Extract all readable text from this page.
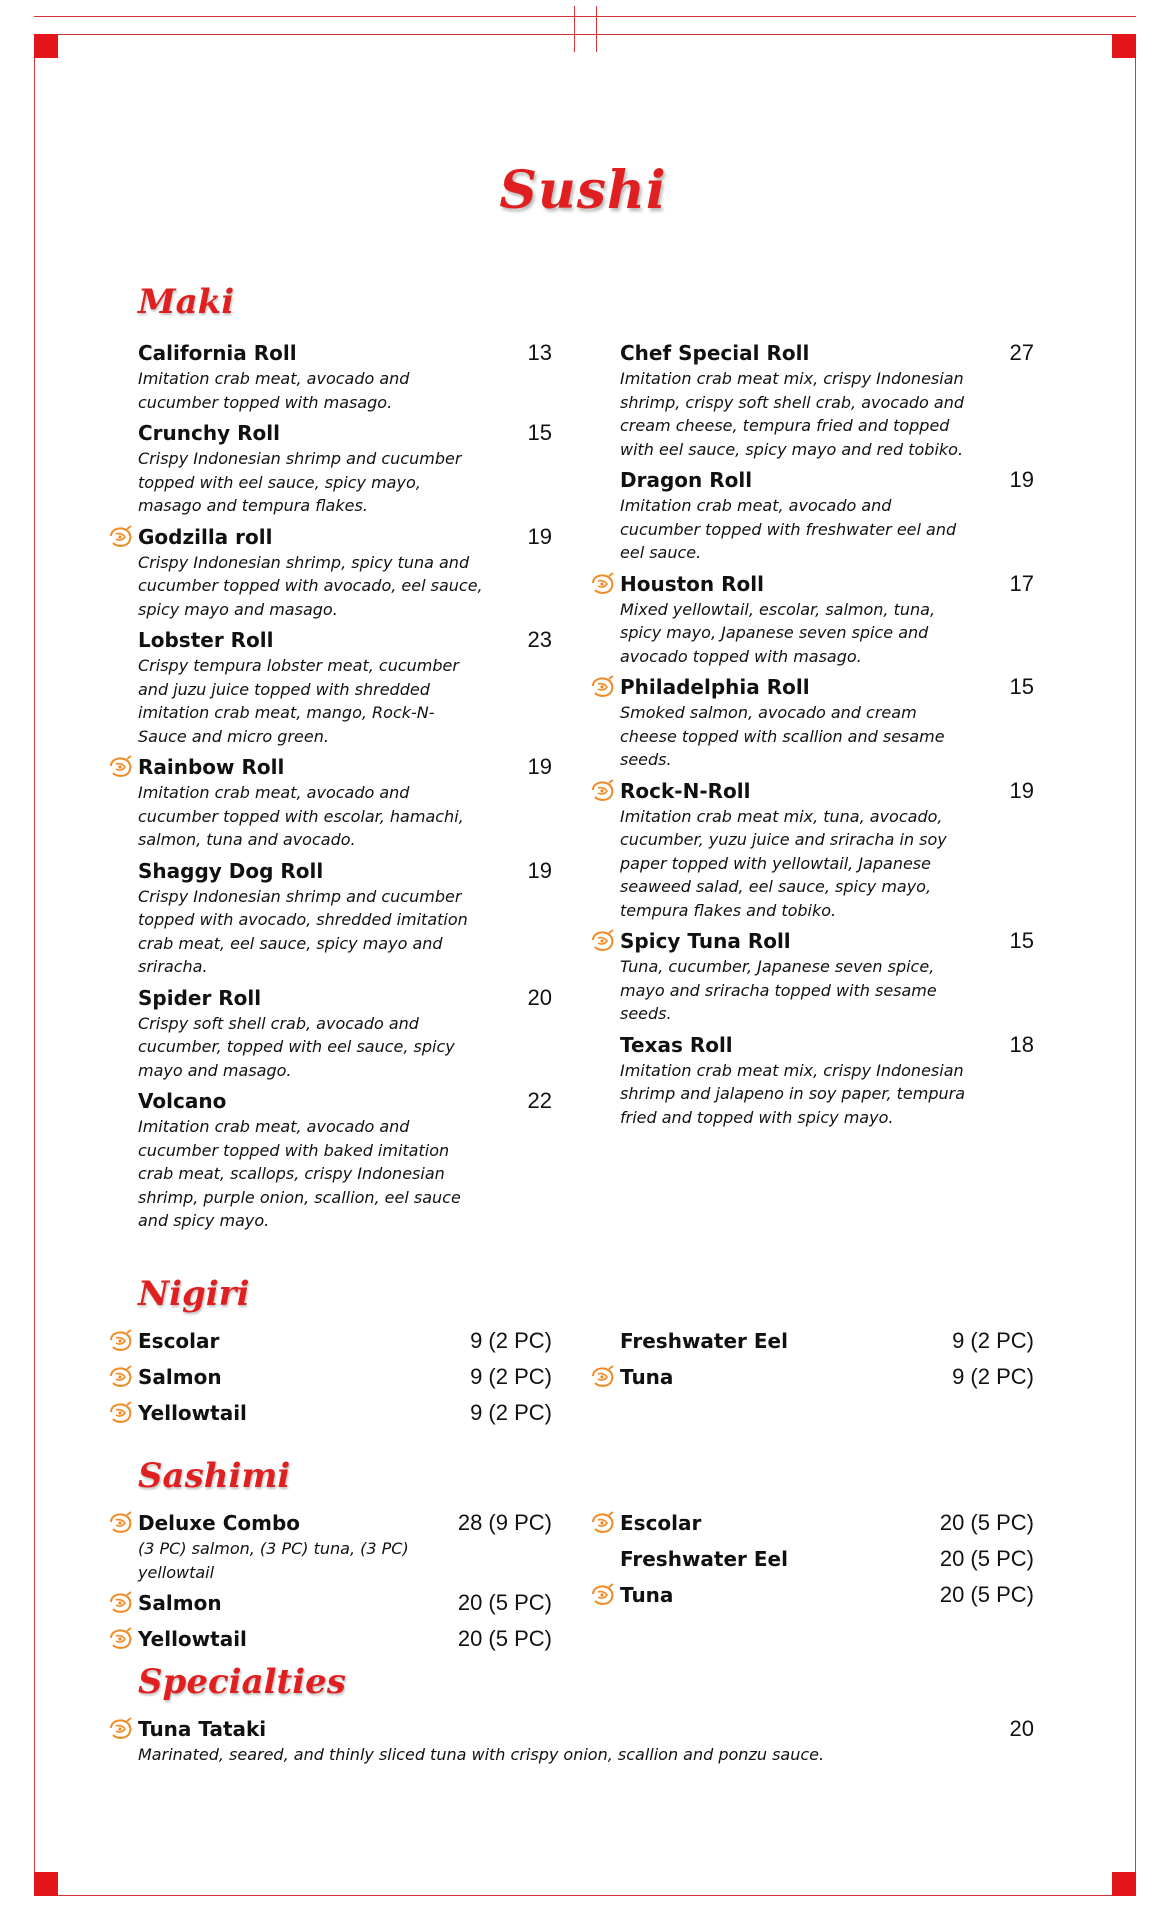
Sushi
Maki
California Roll	13
Imitation crab meat, avocado and cucumber topped with masago.
Crunchy Roll	15
Crispy Indonesian shrimp and cucumber topped with eel sauce, spicy mayo, masago and tempura flakes.
Godzilla roll	19
Crispy Indonesian shrimp, spicy tuna and cucumber topped with avocado, eel sauce, spicy mayo and masago.
Lobster Roll	23
Crispy tempura lobster meat, cucumber and juzu juice topped with shredded imitation crab meat, mango, Rock-N-Sauce and micro green.
Rainbow Roll	19
Imitation crab meat, avocado and cucumber topped with escolar, hamachi, salmon, tuna and avocado.
Shaggy Dog Roll	19
Crispy Indonesian shrimp and cucumber topped with avocado, shredded imitation crab meat, eel sauce, spicy mayo and sriracha.
Spider Roll	20
Crispy soft shell crab, avocado and cucumber, topped with eel sauce, spicy mayo and masago.
Volcano	22
Imitation crab meat, avocado and cucumber topped with baked imitation crab meat, scallops, crispy Indonesian shrimp, purple onion, scallion, eel sauce and spicy mayo.
Chef Special Roll	27
Imitation crab meat mix, crispy Indonesian shrimp, crispy soft shell crab, avocado and cream cheese, tempura fried and topped with eel sauce, spicy mayo and red tobiko.
Dragon Roll	19
Imitation crab meat, avocado and cucumber topped with freshwater eel and eel sauce.
Houston Roll	17
Mixed yellowtail, escolar, salmon, tuna, spicy mayo, Japanese seven spice and avocado topped with masago.
Philadelphia Roll	15
Smoked salmon, avocado and cream cheese topped with scallion and sesame seeds.
Rock-N-Roll	19
Imitation crab meat mix, tuna, avocado, cucumber, yuzu juice and sriracha in soy paper topped with yellowtail, Japanese seaweed salad, eel sauce, spicy mayo, tempura flakes and tobiko.
Spicy Tuna Roll	15
Tuna, cucumber, Japanese seven spice, mayo and sriracha topped with sesame seeds.
Texas Roll	18
Imitation crab meat mix, crispy Indonesian shrimp and jalapeno in soy paper, tempura fried and topped with spicy mayo.
Nigiri
Escolar	9 (2 PC)
Salmon	9 (2 PC)
Yellowtail	9 (2 PC)
Freshwater Eel	9 (2 PC)
Tuna	9 (2 PC)
Sashimi
Deluxe Combo	28 (9 PC)
(3 PC) salmon, (3 PC) tuna, (3 PC) yellowtail
Salmon	20 (5 PC)
Yellowtail	20 (5 PC)
Escolar	20 (5 PC)
Freshwater Eel	20 (5 PC)
Tuna	20 (5 PC)
Specialties
Tuna Tataki	20
Marinated, seared, and thinly sliced tuna with crispy onion, scallion and ponzu sauce.
